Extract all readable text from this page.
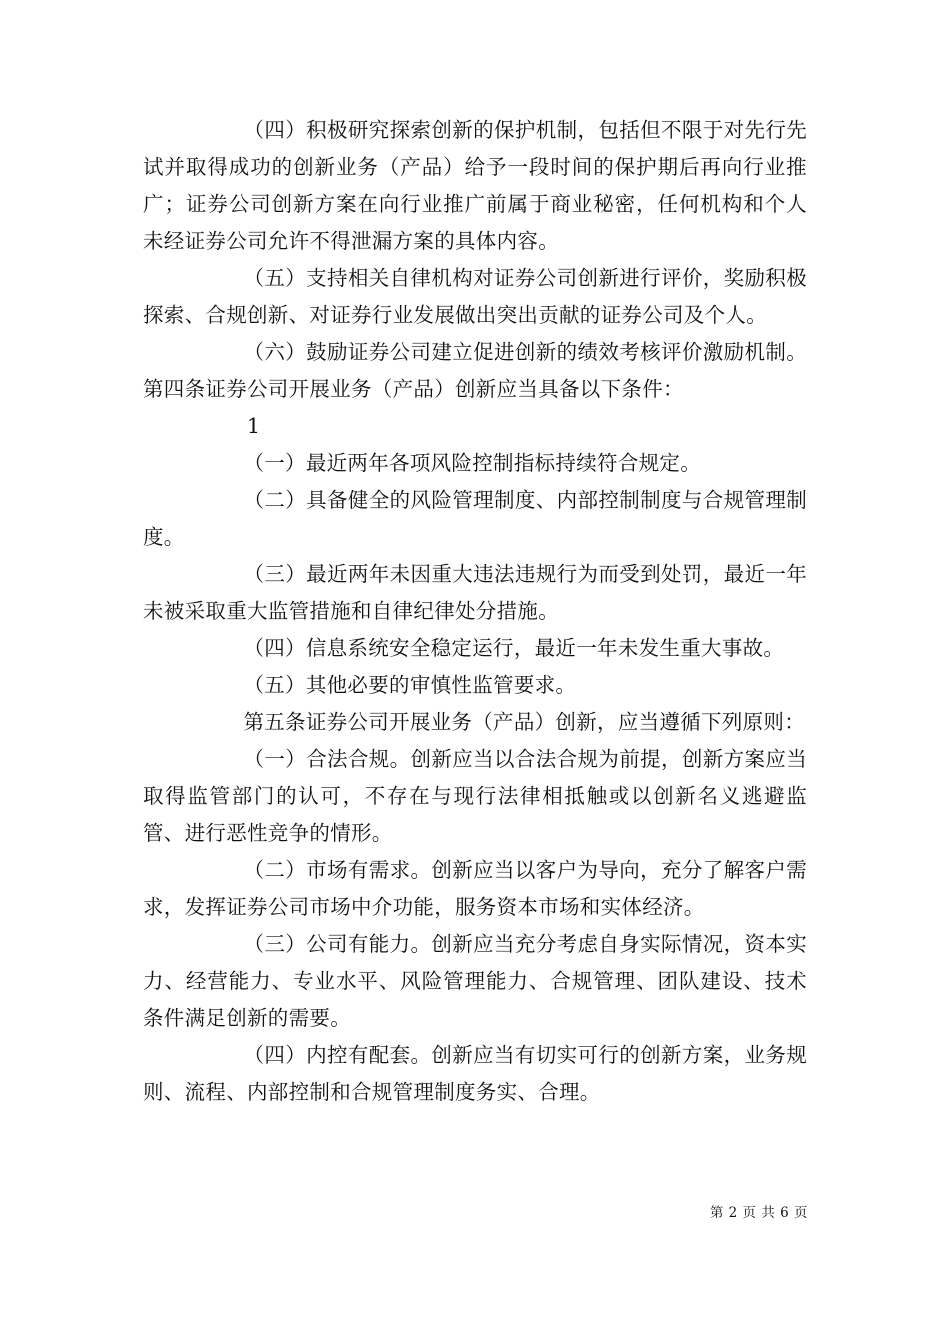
（四）积极研究探索创新的保护机制，包括但不限于对先行先试并取得成功的创新业务（产品）给予一段时间的保护期后再向行业推广；证券公司创新方案在向行业推广前属于商业秘密，任何机构和个人未经证券公司允许不得泄漏方案的具体内容。

（五）支持相关自律机构对证券公司创新进行评价，奖励积极探索、合规创新、对证券行业发展做出突出贡献的证券公司及个人。

（六）鼓励证券公司建立促进创新的绩效考核评价激励机制。第四条证券公司开展业务（产品）创新应当具备以下条件：

1

（一）最近两年各项风险控制指标持续符合规定。

（二）具备健全的风险管理制度、内部控制制度与合规管理制度。

（三）最近两年未因重大违法违规行为而受到处罚，最近一年未被采取重大监管措施和自律纪律处分措施。

（四）信息系统安全稳定运行，最近一年未发生重大事故。

（五）其他必要的审慎性监管要求。

第五条证券公司开展业务（产品）创新，应当遵循下列原则：

（一）合法合规。创新应当以合法合规为前提，创新方案应当取得监管部门的认可，不存在与现行法律相抵触或以创新名义逃避监管、进行恶性竞争的情形。

（二）市场有需求。创新应当以客户为导向，充分了解客户需求，发挥证券公司市场中介功能，服务资本市场和实体经济。

（三）公司有能力。创新应当充分考虑自身实际情况，资本实力、经营能力、专业水平、风险管理能力、合规管理、团队建设、技术条件满足创新的需要。

（四）内控有配套。创新应当有切实可行的创新方案，业务规则、流程、内部控制和合规管理制度务实、合理。

第 2 页 共 6 页
